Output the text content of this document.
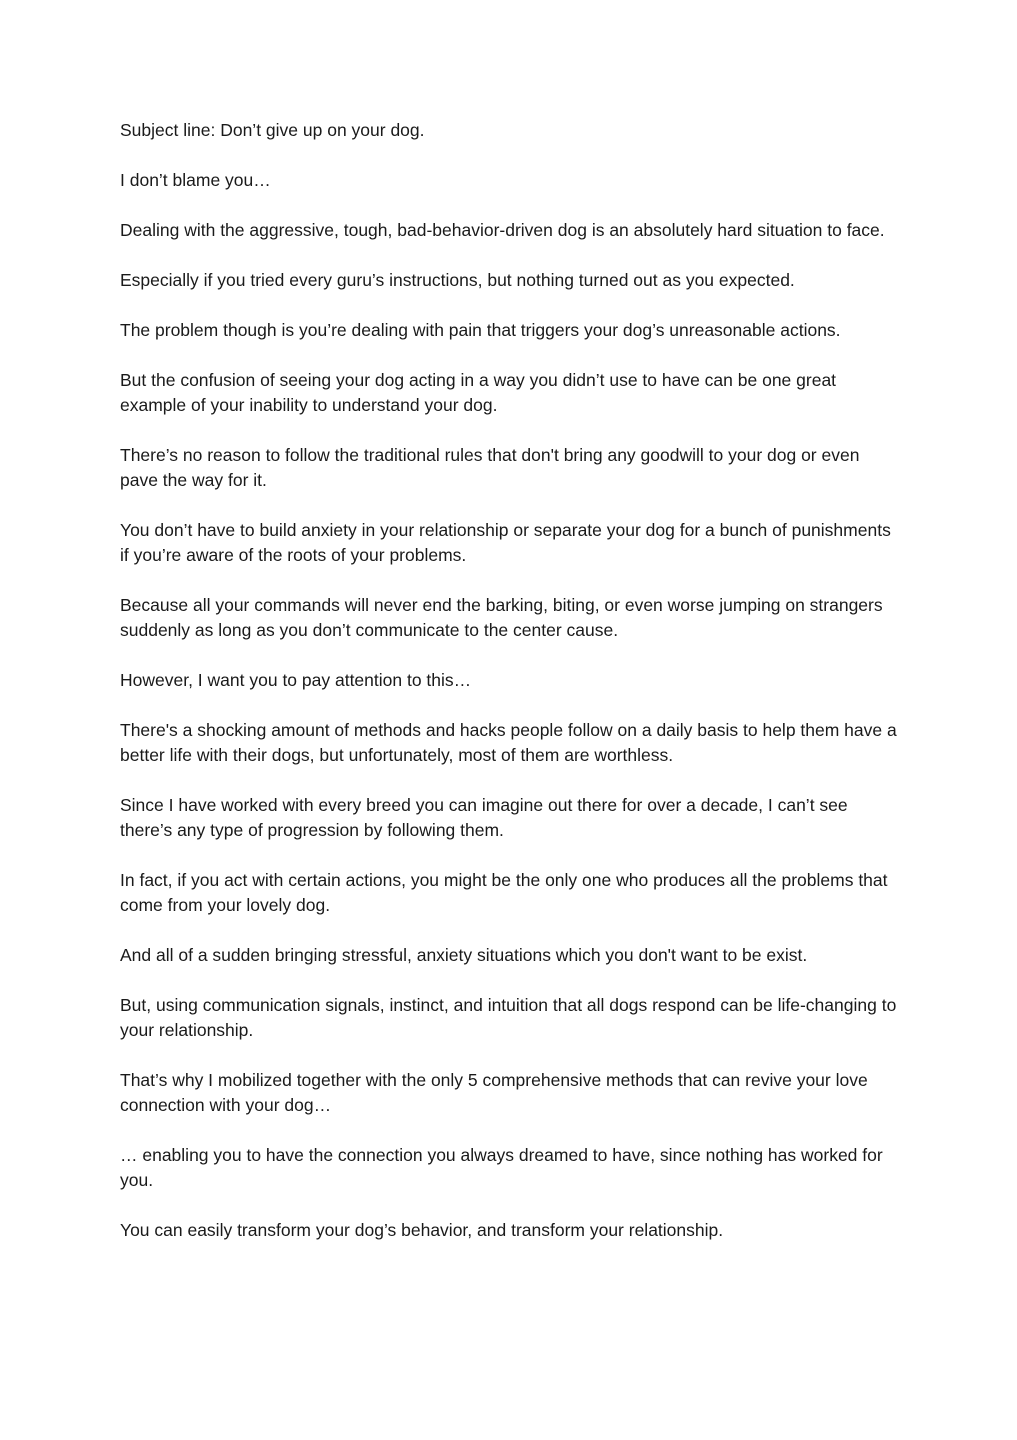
Subject line: Don’t give up on your dog.

I don’t blame you…

Dealing with the aggressive, tough, bad-behavior-driven dog is an absolutely hard situation to face.

Especially if you tried every guru’s instructions, but nothing turned out as you expected.

The problem though is you’re dealing with pain that triggers your dog’s unreasonable actions.

But the confusion of seeing your dog acting in a way you didn’t use to have can be one great example of your inability to understand your dog.

There’s no reason to follow the traditional rules that don't bring any goodwill to your dog or even pave the way for it.

You don’t have to build anxiety in your relationship or separate your dog for a bunch of punishments if you’re aware of the roots of your problems.

Because all your commands will never end the barking, biting, or even worse jumping on strangers suddenly as long as you don’t communicate to the center cause.

However, I want you to pay attention to this…

There's a shocking amount of methods and hacks people follow on a daily basis to help them have a better life with their dogs, but unfortunately, most of them are worthless.

Since I have worked with every breed you can imagine out there for over a decade, I can’t see there’s any type of progression by following them.

In fact, if you act with certain actions, you might be the only one who produces all the problems that come from your lovely dog.

And all of a sudden bringing stressful, anxiety situations which you don't want to be exist.

But, using communication signals, instinct, and intuition that all dogs respond can be life-changing to your relationship.

That’s why I mobilized together with the only 5 comprehensive methods that can revive your love connection with your dog…

… enabling you to have the connection you always dreamed to have, since nothing has worked for you.

You can easily transform your dog’s behavior, and transform your relationship.
